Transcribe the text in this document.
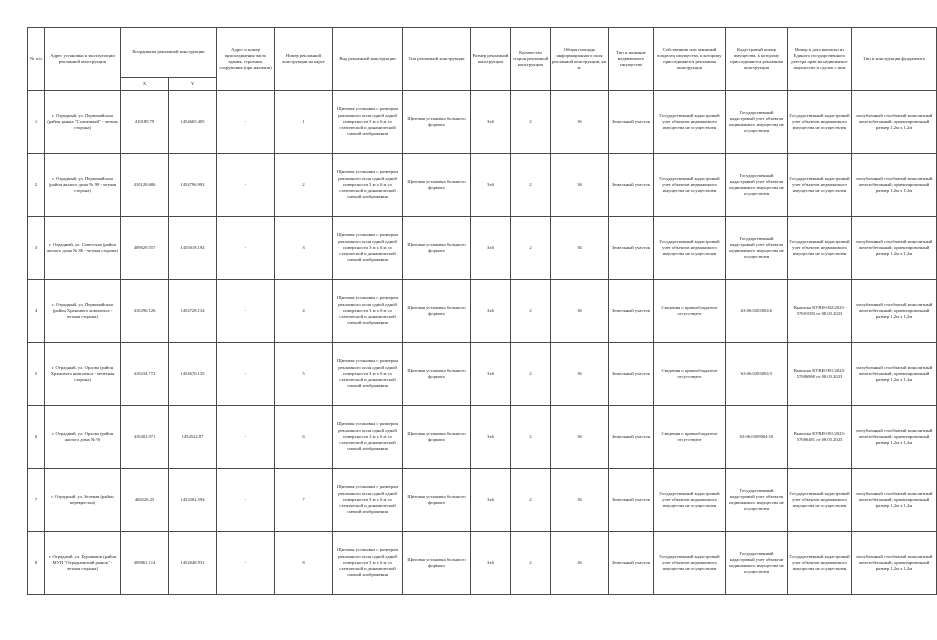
№ п/п	Адрес установки и эксплуатации рекламной конструкции	Координаты рекламной конструкции		Адрес и номер присоединения часть здания, строения, сооружения (при наличии)	Номер рекламной конструкции на карте	Вид рекламной конструкции	Тип рекламной конструкции	Размер рекламной конструкции	Количество сторон рекламной конструкции	Общая площадь информационного поля рекламной конструкции, кв. м.	Тип и название недвижимого имущества	Собственник или законный владелец имущества, к которому присоединяется рекламная конструкция	Кадастровый номер имущества, к которому присоединяется рекламная конструкция	Номер и дата выписки из Единого государственного реестра прав на недвижимое имущество и сделок с ним	Тип и конструкция фундамента
		X	Y												
1	г. Отрадный, ул. Первомайская (район рынка "Солнечный" - четная сторона)	410189.79	1454665.405	-	1	Щитовая установка с размером рекламного поля одной одной поверхности 3 м х 6 м со статической и динамической сменой изображения	Щитовая установка большого формата	3х6	2	36	Земельный участок	Государственный кадастровый учет объектов недвижимого имущества не осуществлен	Государственный кадастровый учет объектов недвижимого имущества не осуществлен	Государственный кадастровый учет объектов недвижимого имущества не осуществлен	заглубленный столбчатый монолитный железобетонный; ориентировочный размер 1,2м х 1,2м
2	г. Отрадный, ул. Первомайская (район жилого дома № 98 - четная сторона)	410128.686	1454796.992	-	2	Щитовая установка с размером рекламного поля одной одной поверхности 3 м х 6 м со статической и динамической сменой изображения	Щитовая установка большого формата	3х6	2	36	Земельный участок	Государственный кадастровый учет объектов недвижимого имущества не осуществлен	Государственный кадастровый учет объектов недвижимого имущества не осуществлен	Государственный кадастровый учет объектов недвижимого имущества не осуществлен	заглубленный столбчатый монолитный железобетонный; ориентировочный размер 1,2м х 1,2м
3	г. Отрадный, ул. Советская (район жилого дома № 86 - четная сторона)	409829.557	1455018.194	-	3	Щитовая установка с размером рекламного поля одной одной поверхности 3 м х 6 м со статической и динамической сменой изображения	Щитовая установка большого формата	3х6	2	36	Земельный участок	Государственный кадастровый учет объектов недвижимого имущества не осуществлен	Государственный кадастровый учет объектов недвижимого имущества не осуществлен	Государственный кадастровый учет объектов недвижимого имущества не осуществлен	заглубленный столбчатый монолитный железобетонный; ориентировочный размер 1,2м х 1,2м
4	г. Отрадный, ул. Первомайская (район Храмового комплекса - четная сторона)	410296.126	1454728.134	-	4	Щитовая установка с размером рекламного поля одной одной поверхности 3 м х 6 м со статической и динамической сменой изображения	Щитовая установка большого формата	3х6	2	36	Земельный участок	Сведения о правообладателе отсутствуют	63:06:0203004:6	Выписка КУВИ-002/2023-57691093 от 08.03.2023	заглубленный столбчатый монолитный железобетонный; ориентировочный размер 1,2м х 1,2м
5	г. Отрадный, ул. Орлова (район Храмового комплекса - нечетная сторона)	410234.772	1454676.135	-	5	Щитовая установка с размером рекламного поля одной одной поверхности 3 м х 6 м со статической и динамической сменой изображения	Щитовая установка большого формата	3х6	2	36	Земельный участок	Сведения о правообладателе отсутствуют	63:06:0203004:5	Выписка КУВИ-001/2023-57686860 от 08.03.2023	заглубленный столбчатый монолитный железобетонный; ориентировочный размер 1,2м х 1,2м
6	г. Отрадный, ул. Орлова (район жилого дома № 9)	410402.971	1454522.87	-	6	Щитовая установка с размером рекламного поля одной одной поверхности 3 м х 6 м со статической и динамической сменой изображения	Щитовая установка большого формата	3х6	2	36	Земельный участок	Сведения о правообладателе отсутствуют	63:06:0309004:16	Выписка КУВИ-001/2023-57686481 от 08.03.2023	заглубленный столбчатый монолитный железобетонный; ориентировочный размер 1,2м х 1,2м
7	г. Отрадный, ул. Зеленая (район перекрестка)	408226.25	1453202.594	-	7	Щитовая установка с размером рекламного поля одной одной поверхности 3 м х 6 м со статической и динамической сменой изображения	Щитовая установка большого формата	3х6	2	36	Земельный участок	Государственный кадастровый учет объектов недвижимого имущества не осуществлен	Государственный кадастровый учет объектов недвижимого имущества не осуществлен	Государственный кадастровый учет объектов недвижимого имущества не осуществлен	заглубленный столбчатый монолитный железобетонный; ориентировочный размер 1,2м х 1,2м
8	г. Отрадный, ул. Буровиков (район МУП "Отрадненский рынок" - четная сторона)	409861.114	1452048.931	-	8	Щитовая установка с размером рекламного поля одной одной поверхности 3 м х 6 м со статической и динамической сменой изображения	Щитовая установка большого формата	3х6	2	36	Земельный участок	Государственный кадастровый учет объектов недвижимого имущества не осуществлен	Государственный кадастровый учет объектов недвижимого имущества не осуществлен	Государственный кадастровый учет объектов недвижимого имущества не осуществлен	заглубленный столбчатый монолитный железобетонный; ориентировочный размер 1,2м х 1,2м
